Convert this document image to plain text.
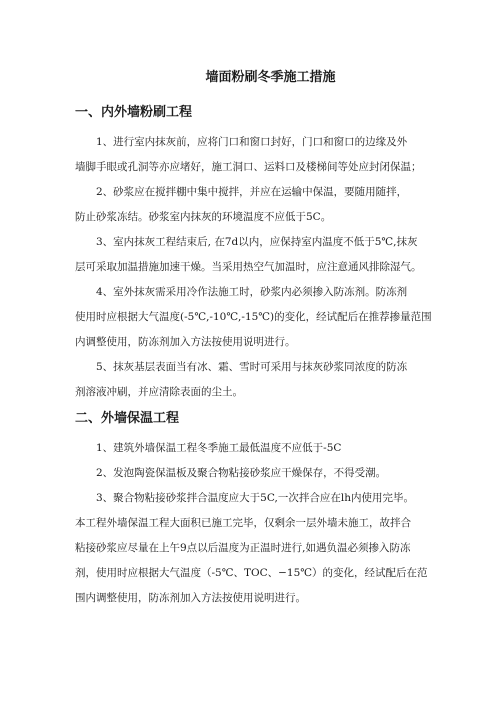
墙面粉刷冬季施工措施
一、内外墙粉刷工程
1、进行室内抹灰前，应将门口和窗口封好，门口和窗口的边缘及外
墙脚手眼或孔洞等亦应堵好，施工洞口、运料口及楼梯间等处应封闭保温；
2、砂浆应在搅拌棚中集中搅拌，并应在运输中保温，要随用随拌，
防止砂浆冻结。砂浆室内抹灰的环境温度不应低于5C。
3、室内抹灰工程结束后, 在7d以内，应保持室内温度不低于5℃,抹灰
层可采取加温措施加速干燥。当采用热空气加温时，应注意通风排除湿气。
4、室外抹灰需采用冷作法施工时，砂浆内必须掺入防冻剂。防冻剂
使用时应根据大气温度(-5℃,-10℃,-15℃)的变化，经试配后在推荐掺量范围
内调整使用，防冻剂加入方法按使用说明进行。
5、抹灰基层表面当有冰、霜、雪时可采用与抹灰砂浆同浓度的防冻
剂溶液冲刷，并应清除表面的尘土。
二、外墙保温工程
1、建筑外墙保温工程冬季施工最低温度不应低于-5C
2、发泡陶瓷保温板及聚合物粘接砂浆应干燥保存，不得受潮。
3、聚合物粘接砂浆拌合温度应大于5C,一次拌合应在lh内使用完毕。
本工程外墙保温工程大面积已施工完毕，仅剩余一层外墙未施工，故拌合
粘接砂浆应尽量在上午9点以后温度为正温时进行,如遇负温必须掺入防冻
剂，使用时应根据大气温度（-5℃、TOC、−15℃）的变化，经试配后在范
围内调整使用，防冻剂加入方法按使用说明进行。
